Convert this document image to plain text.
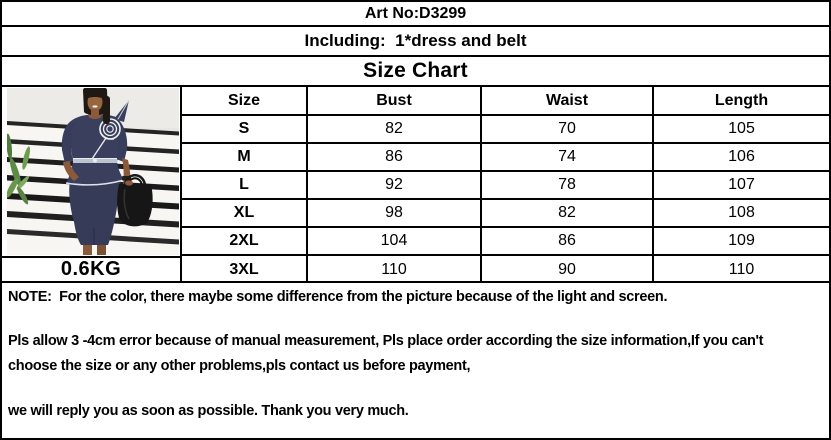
Art No:D3299
Including:  1*dress and belt
Size Chart
0.6KG
Size	Bust	Waist	Length
S	82	70	105
M	86	74	106
L	92	78	107
XL	98	82	108
2XL	104	86	109
3XL	110	90	110
NOTE:  For the color, there maybe some difference from the picture because of the light and screen.
Pls allow 3 -4cm error because of manual measurement, Pls place order according the size information,If you can't
choose the size or any other problems,pls contact us before payment,
we will reply you as soon as possible. Thank you very much.
